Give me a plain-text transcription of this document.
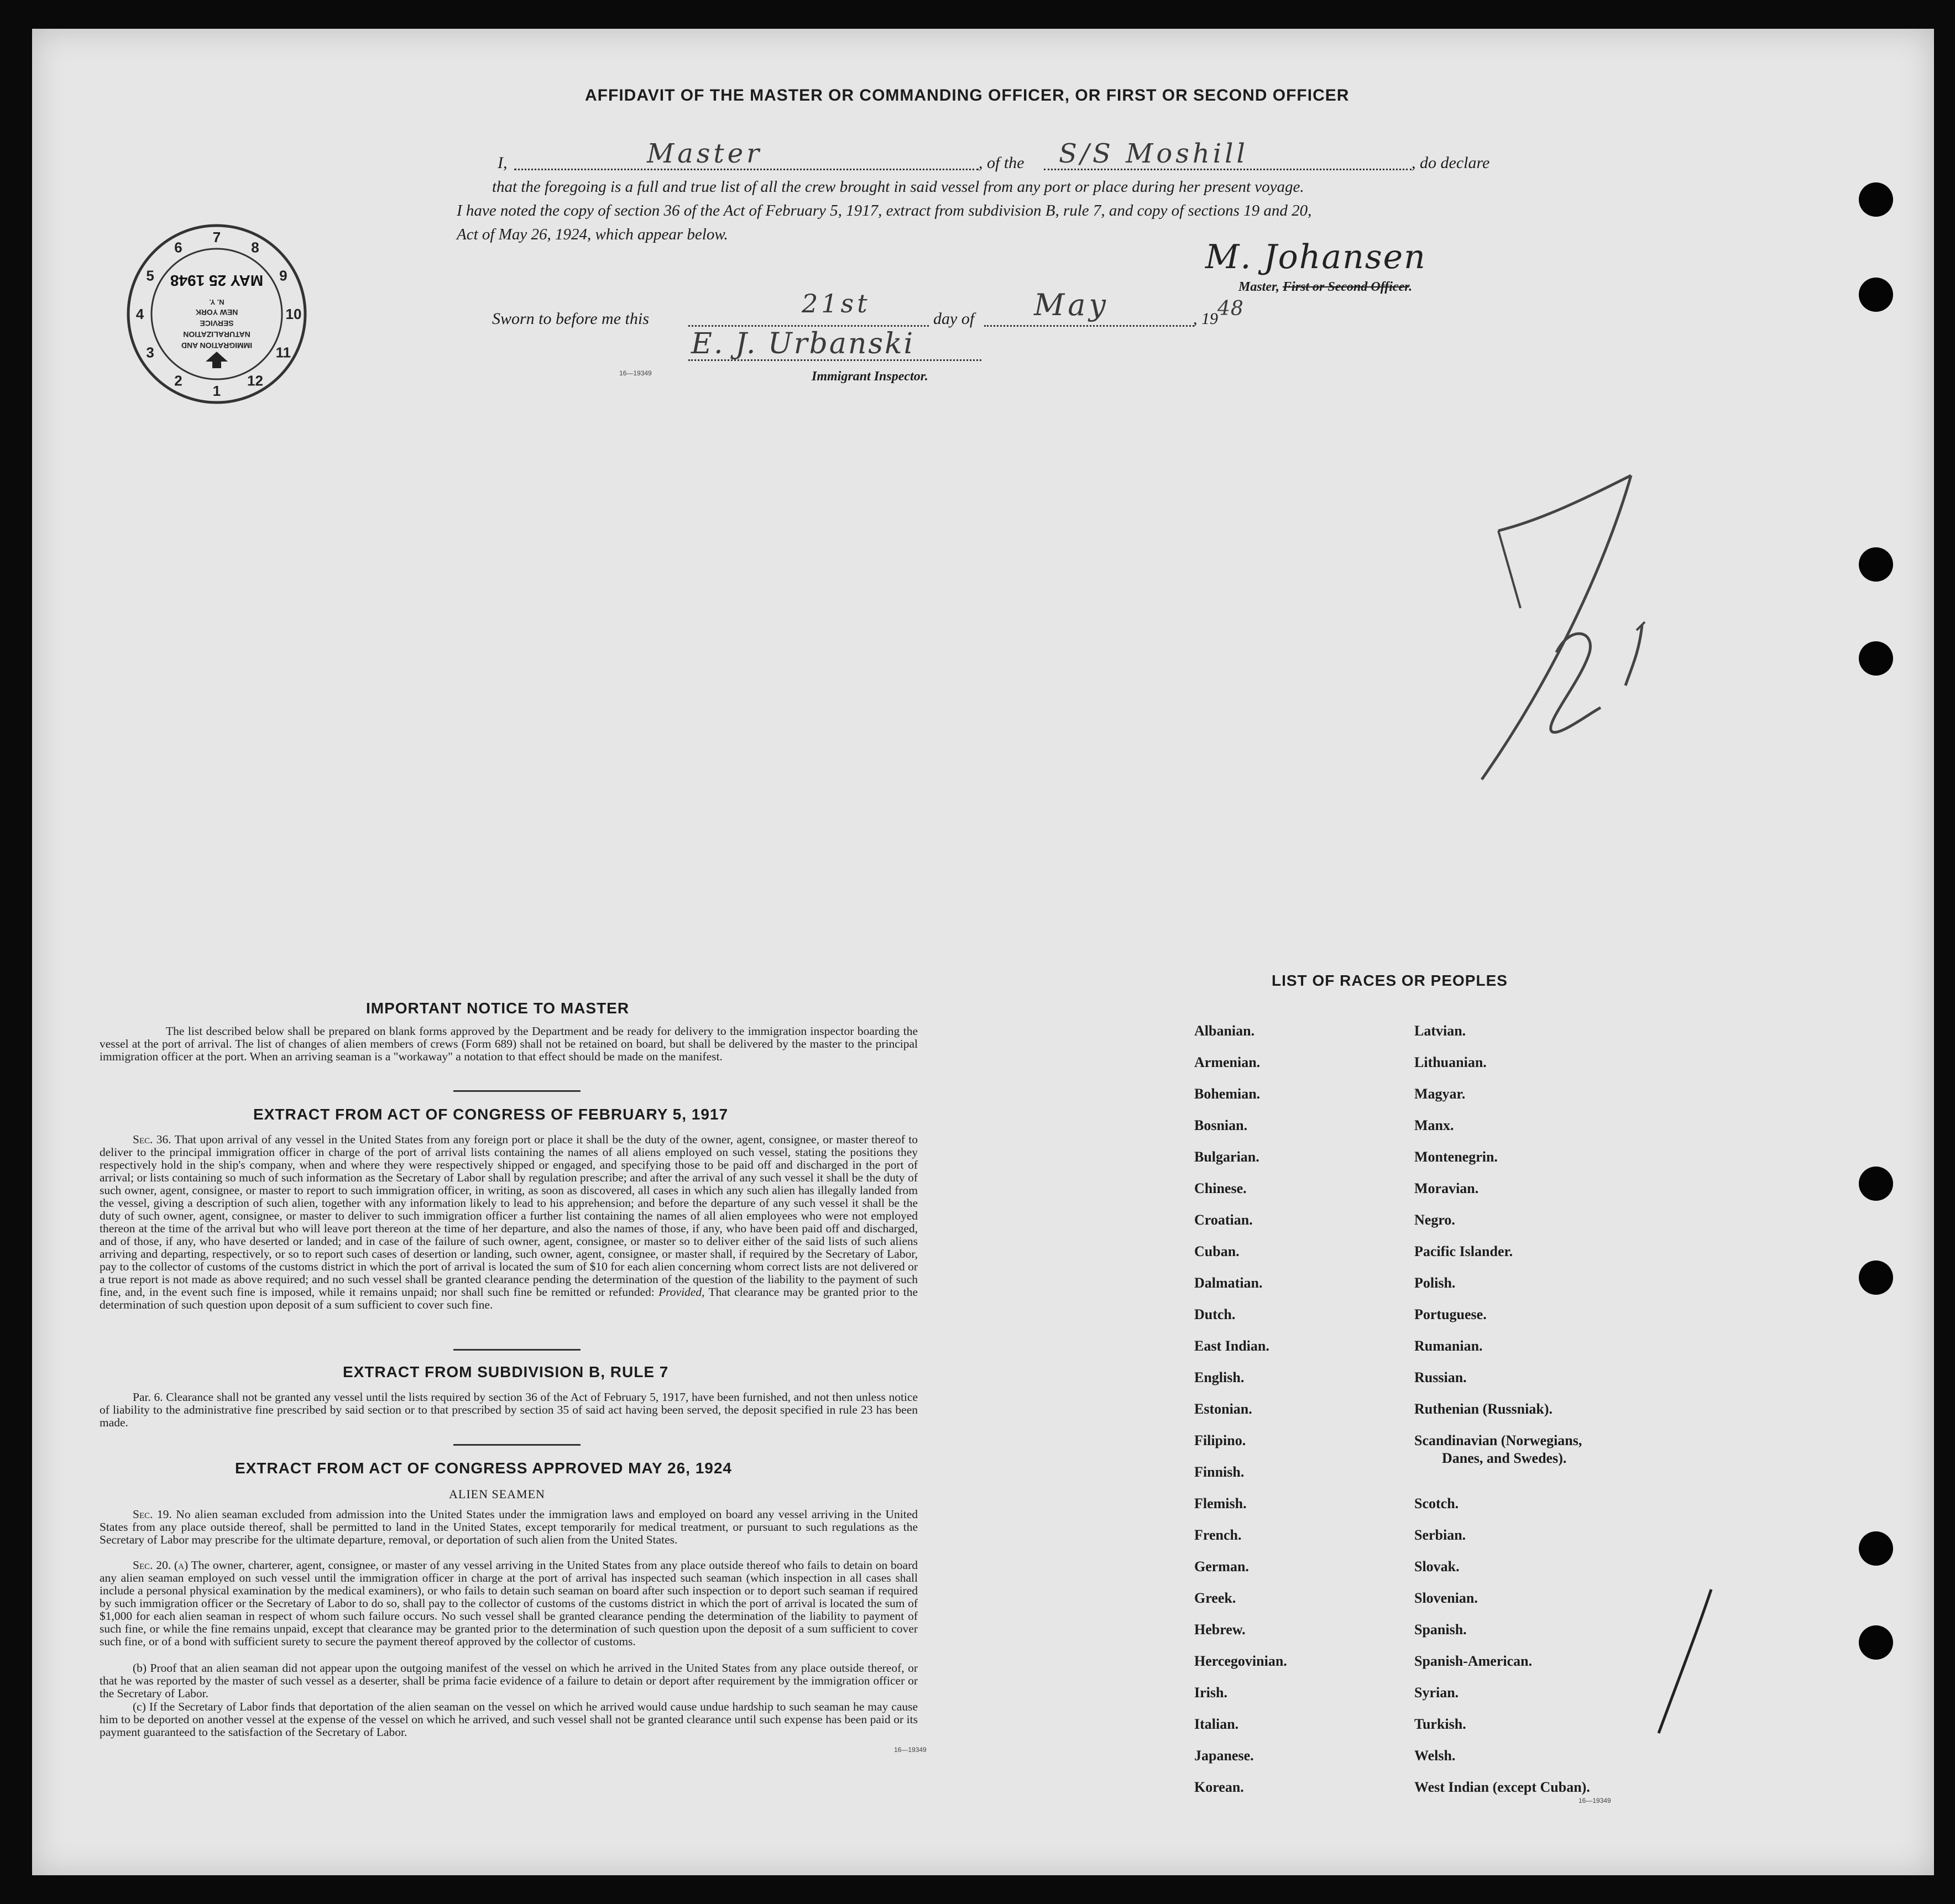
AFFIDAVIT OF THE MASTER OR COMMANDING OFFICER, OR FIRST OR SECOND OFFICER
I,	Master	, of the S/S Moshill	, do declare
that the foregoing is a full and true list of all the crew brought in said vessel from any port or place during her present voyage.
I have noted the copy of section 36 of the Act of February 5, 1917, extract from subdivision B, rule 7, and copy of sections 19 and 20,
Act of May 26, 1924, which appear below.
M. Johansen
Master, First or Second Officer.
Sworn to before me this
21st
day of May	, 19 48
E. J. Urbanski
16—19349	Immigrant Inspector.
1
2
3
4
5
6
7
8
9
10
11
12
IMMIGRATION AND
NATURALIZATION
SERVICE
NEW YORK
N. Y.
MAY 25 1948
IMPORTANT NOTICE TO MASTER
The list described below shall be prepared on blank forms approved by the Department and be ready for delivery to the immigration inspector boarding the vessel at the port of arrival. The list of changes of alien members of crews (Form 689) shall not be retained on board, but shall be delivered by the master to the principal immigration officer at the port. When an arriving seaman is a "workaway" a notation to that effect should be made on the manifest.
EXTRACT FROM ACT OF CONGRESS OF FEBRUARY 5, 1917
Sec. 36. That upon arrival of any vessel in the United States from any foreign port or place it shall be the duty of the owner, agent, consignee, or master thereof to deliver to the principal immigration officer in charge of the port of arrival lists containing the names of all aliens employed on such vessel, stating the positions they respectively hold in the ship's company, when and where they were respectively shipped or engaged, and specifying those to be paid off and discharged in the port of arrival; or lists containing so much of such information as the Secretary of Labor shall by regulation prescribe; and after the arrival of any such vessel it shall be the duty of such owner, agent, consignee, or master to report to such immigration officer, in writing, as soon as discovered, all cases in which any such alien has illegally landed from the vessel, giving a description of such alien, together with any information likely to lead to his apprehension; and before the departure of any such vessel it shall be the duty of such owner, agent, consignee, or master to deliver to such immigration officer a further list containing the names of all alien employees who were not employed thereon at the time of the arrival but who will leave port thereon at the time of her departure, and also the names of those, if any, who have been paid off and discharged, and of those, if any, who have deserted or landed; and in case of the failure of such owner, agent, consignee, or master so to deliver either of the said lists of such aliens arriving and departing, respectively, or so to report such cases of desertion or landing, such owner, agent, consignee, or master shall, if required by the Secretary of Labor, pay to the collector of customs of the customs district in which the port of arrival is located the sum of $10 for each alien concerning whom correct lists are not delivered or a true report is not made as above required; and no such vessel shall be granted clearance pending the determination of the question of the liability to the payment of such fine, and, in the event such fine is imposed, while it remains unpaid; nor shall such fine be remitted or refunded: Provided, That clearance may be granted prior to the determination of such question upon deposit of a sum sufficient to cover such fine.
EXTRACT FROM SUBDIVISION B, RULE 7
Par. 6. Clearance shall not be granted any vessel until the lists required by section 36 of the Act of February 5, 1917, have been furnished, and not then unless notice of liability to the administrative fine prescribed by said section or to that prescribed by section 35 of said act having been served, the deposit specified in rule 23 has been made.
EXTRACT FROM ACT OF CONGRESS APPROVED MAY 26, 1924
ALIEN SEAMEN
Sec. 19. No alien seaman excluded from admission into the United States under the immigration laws and employed on board any vessel arriving in the United States from any place outside thereof, shall be permitted to land in the United States, except temporarily for medical treatment, or pursuant to such regulations as the Secretary of Labor may prescribe for the ultimate departure, removal, or deportation of such alien from the United States.
Sec. 20. (a) The owner, charterer, agent, consignee, or master of any vessel arriving in the United States from any place outside thereof who fails to detain on board any alien seaman employed on such vessel until the immigration officer in charge at the port of arrival has inspected such seaman (which inspection in all cases shall include a personal physical examination by the medical examiners), or who fails to detain such seaman on board after such inspection or to deport such seaman if required by such immigration officer or the Secretary of Labor to do so, shall pay to the collector of customs of the customs district in which the port of arrival is located the sum of $1,000 for each alien seaman in respect of whom such failure occurs. No such vessel shall be granted clearance pending the determination of the liability to payment of such fine, or while the fine remains unpaid, except that clearance may be granted prior to the determination of such question upon the deposit of a sum sufficient to cover such fine, or of a bond with sufficient surety to secure the payment thereof approved by the collector of customs.
(b) Proof that an alien seaman did not appear upon the outgoing manifest of the vessel on which he arrived in the United States from any place outside thereof, or that he was reported by the master of such vessel as a deserter, shall be prima facie evidence of a failure to detain or deport after requirement by the immigration officer or the Secretary of Labor.
(c) If the Secretary of Labor finds that deportation of the alien seaman on the vessel on which he arrived would cause undue hardship to such seaman he may cause him to be deported on another vessel at the expense of the vessel on which he arrived, and such vessel shall not be granted clearance until such expense has been paid or its payment guaranteed to the satisfaction of the Secretary of Labor.
16—19349
LIST OF RACES OR PEOPLES
Albanian.
Armenian.
Bohemian.
Bosnian.
Bulgarian.
Chinese.
Croatian.
Cuban.
Dalmatian.
Dutch.
East Indian.
English.
Estonian.
Filipino.
Finnish.
Flemish.
French.
German.
Greek.
Hebrew.
Hercegovinian.
Irish.
Italian.
Japanese.
Korean.
Latvian.
Lithuanian.
Magyar.
Manx.
Montenegrin.
Moravian.
Negro.
Pacific Islander.
Polish.
Portuguese.
Rumanian.
Russian.
Ruthenian (Russniak).
Scandinavian (Norwegians,
Danes, and Swedes).
Scotch.
Serbian.
Slovak.
Slovenian.
Spanish.
Spanish-American.
Syrian.
Turkish.
Welsh.
West Indian (except Cuban).
16—19349
